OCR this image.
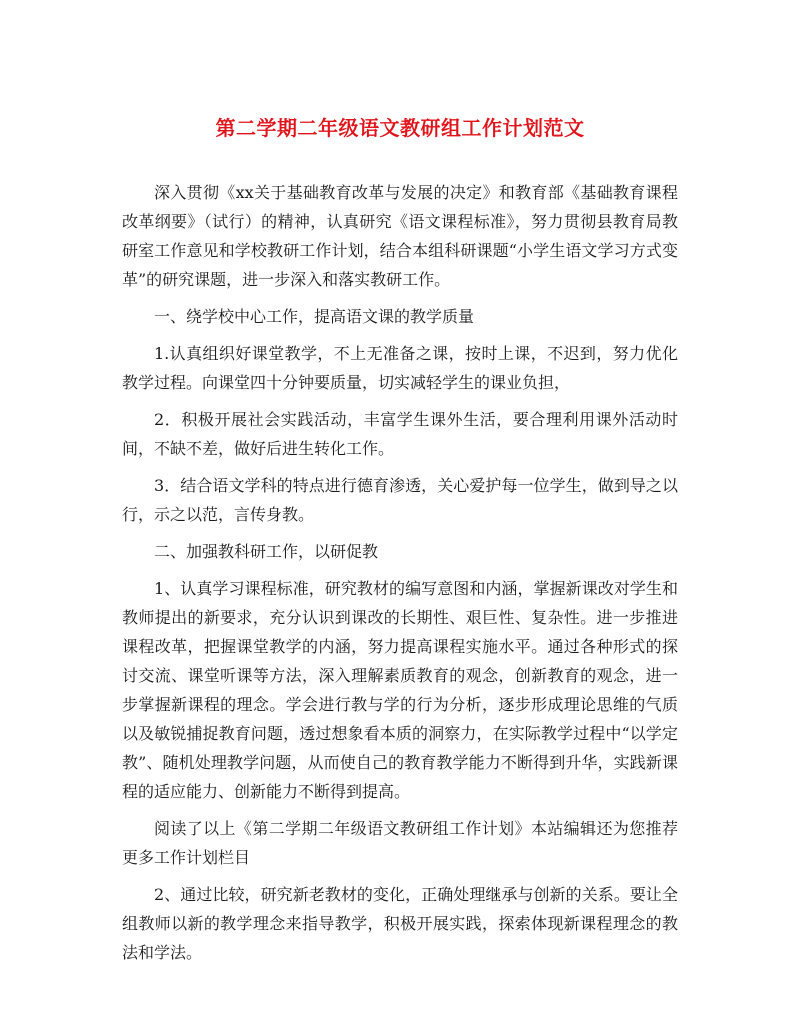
第二学期二年级语文教研组工作计划范文

深入贯彻《xx关于基础教育改革与发展的决定》和教育部《基础教育课程改革纲要》（试行）的精神，认真研究《语文课程标准》，努力贯彻县教育局教研室工作意见和学校教研工作计划，结合本组科研课题“小学生语文学习方式变革”的研究课题，进一步深入和落实教研工作。

一、绕学校中心工作，提高语文课的教学质量

1.认真组织好课堂教学，不上无准备之课，按时上课，不迟到，努力优化教学过程。向课堂四十分钟要质量，切实减轻学生的课业负担，

2．积极开展社会实践活动，丰富学生课外生活，要合理利用课外活动时间，不缺不差，做好后进生转化工作。

3．结合语文学科的特点进行德育渗透，关心爱护每一位学生，做到导之以行，示之以范，言传身教。

二、加强教科研工作，以研促教

1、认真学习课程标准，研究教材的编写意图和内涵，掌握新课改对学生和教师提出的新要求，充分认识到课改的长期性、艰巨性、复杂性。进一步推进课程改革，把握课堂教学的内涵，努力提高课程实施水平。通过各种形式的探讨交流、课堂听课等方法，深入理解素质教育的观念，创新教育的观念，进一步掌握新课程的理念。学会进行教与学的行为分析，逐步形成理论思维的气质以及敏锐捕捉教育问题，透过想象看本质的洞察力，在实际教学过程中“以学定教”、随机处理教学问题，从而使自己的教育教学能力不断得到升华，实践新课程的适应能力、创新能力不断得到提高。

阅读了以上《第二学期二年级语文教研组工作计划》本站编辑还为您推荐更多工作计划栏目

2、通过比较，研究新老教材的变化，正确处理继承与创新的关系。要让全组教师以新的教学理念来指导教学，积极开展实践，探索体现新课程理念的教法和学法。
